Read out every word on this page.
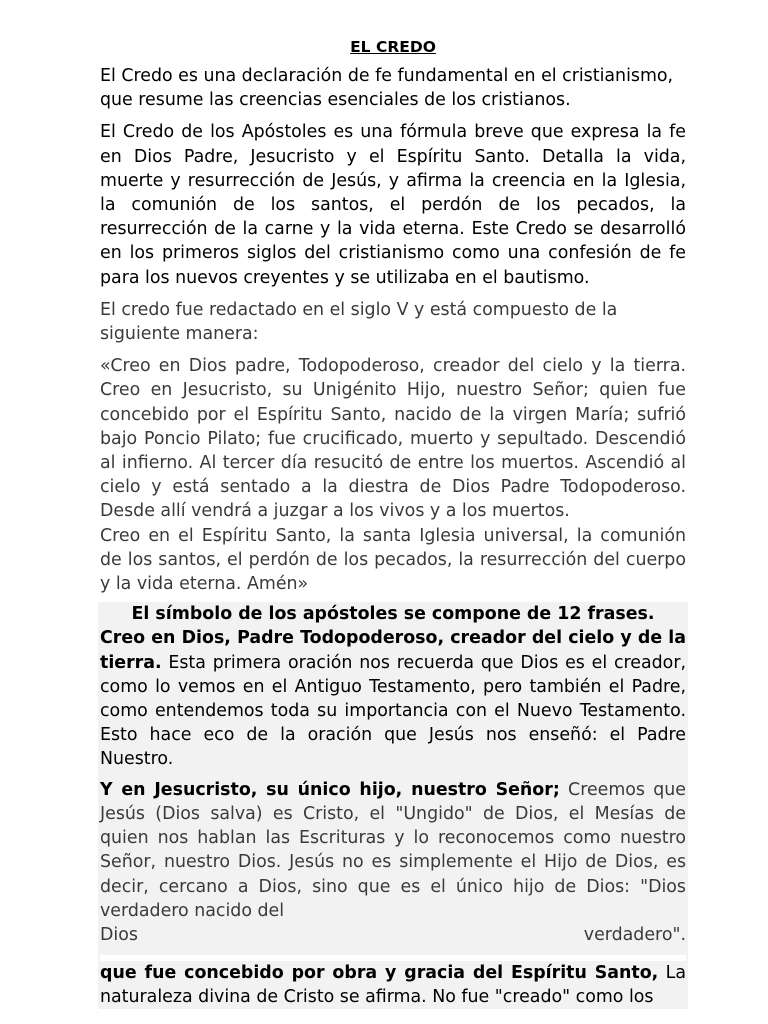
EL CREDO

El Credo es una declaración de fe fundamental en el cristianismo, que resume las creencias esenciales de los cristianos.

El Credo de los Apóstoles es una fórmula breve que expresa la fe en Dios Padre, Jesucristo y el Espíritu Santo. Detalla la vida, muerte y resurrección de Jesús, y afirma la creencia en la Iglesia, la comunión de los santos, el perdón de los pecados, la resurrección de la carne y la vida eterna. Este Credo se desarrolló en los primeros siglos del cristianismo como una confesión de fe para los nuevos creyentes y se utilizaba en el bautismo.

El credo fue redactado en el siglo V y está compuesto de la siguiente manera:

«Creo en Dios padre, Todopoderoso, creador del cielo y la tierra. Creo en Jesucristo, su Unigénito Hijo, nuestro Señor; quien fue concebido por el Espíritu Santo, nacido de la virgen María; sufrió bajo Poncio Pilato; fue crucificado, muerto y sepultado. Descendió al infierno. Al tercer día resucitó de entre los muertos. Ascendió al cielo y está sentado a la diestra de Dios Padre Todopoderoso. Desde allí vendrá a juzgar a los vivos y a los muertos.

Creo en el Espíritu Santo, la santa Iglesia universal, la comunión de los santos, el perdón de los pecados, la resurrección del cuerpo y la vida eterna. Amén»

El símbolo de los apóstoles se compone de 12 frases.

Creo en Dios, Padre Todopoderoso, creador del cielo y de la tierra. Esta primera oración nos recuerda que Dios es el creador, como lo vemos en el Antiguo Testamento, pero también el Padre, como entendemos toda su importancia con el Nuevo Testamento. Esto hace eco de la oración que Jesús nos enseñó: el Padre Nuestro.

Y en Jesucristo, su único hijo, nuestro Señor; Creemos que Jesús (Dios salva) es Cristo, el "Ungido" de Dios, el Mesías de quien nos hablan las Escrituras y lo reconocemos como nuestro Señor, nuestro Dios. Jesús no es simplemente el Hijo de Dios, es decir, cercano a Dios, sino que es el único hijo de Dios: "Dios verdadero nacido del

Dios	verdadero".

que fue concebido por obra y gracia del Espíritu Santo, La naturaleza divina de Cristo se afirma. No fue "creado" como los
